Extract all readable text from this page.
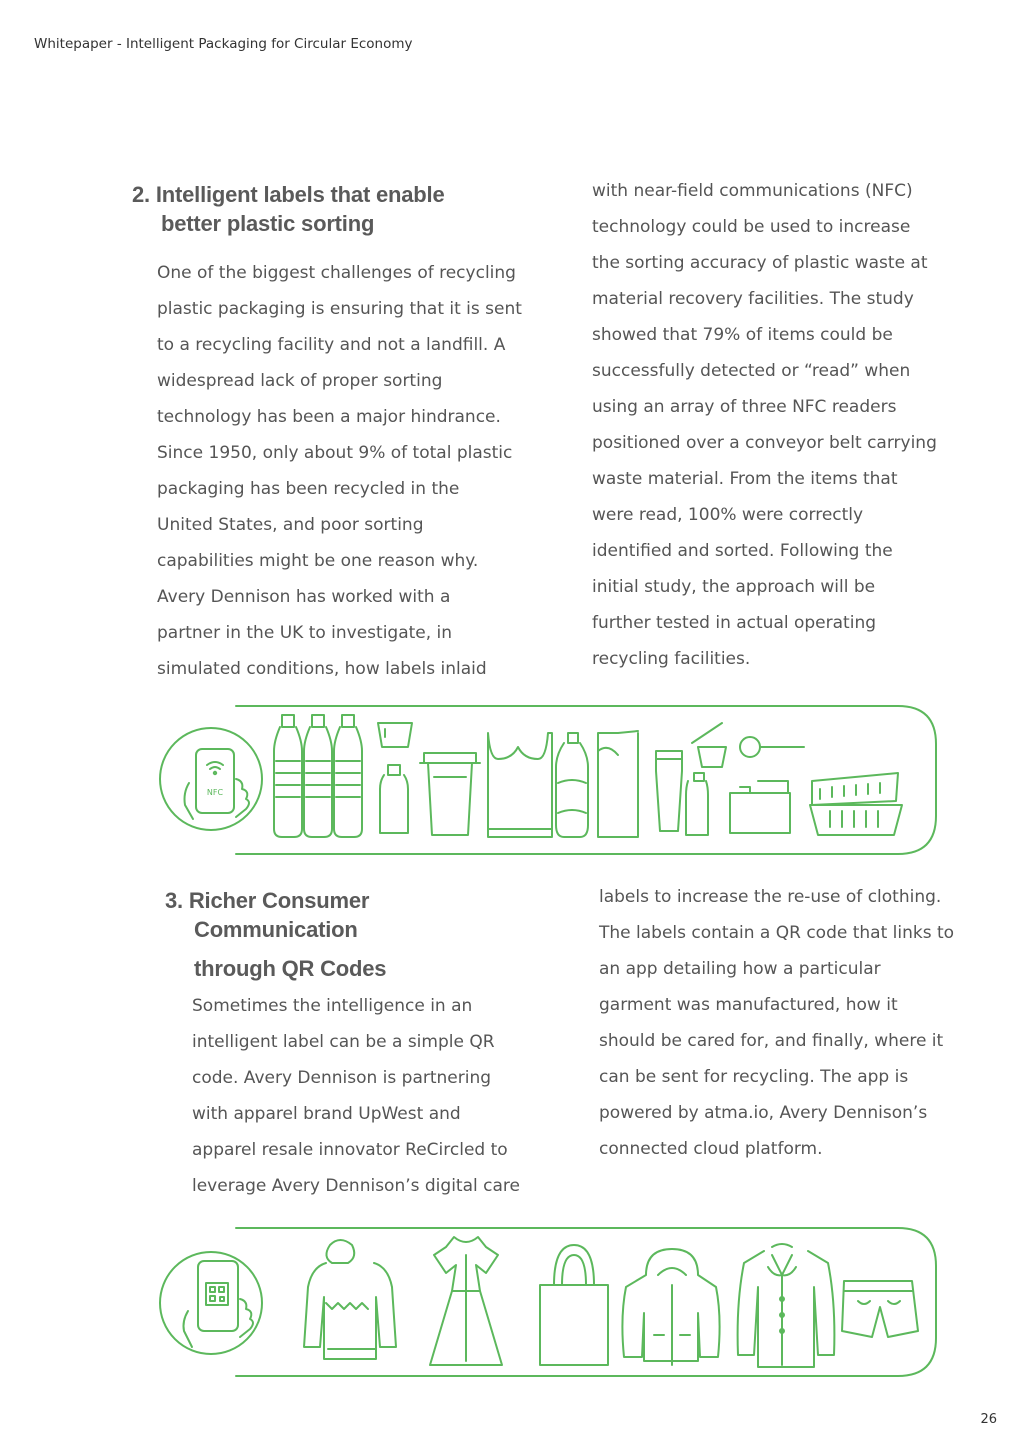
Whitepaper - Intelligent Packaging for Circular Economy
2. Intelligent labels that enable
better plastic sorting
One of the biggest challenges of recycling
plastic packaging is ensuring that it is sent
to a recycling facility and not a landfill. A
widespread lack of proper sorting
technology has been a major hindrance.
Since 1950, only about 9% of total plastic
packaging has been recycled in the
United States, and poor sorting
capabilities might be one reason why.
Avery Dennison has worked with a
partner in the UK to investigate, in
simulated conditions, how labels inlaid
with near-field communications (NFC)
technology could be used to increase
the sorting accuracy of plastic waste at
material recovery facilities. The study
showed that 79% of items could be
successfully detected or “read” when
using an array of three NFC readers
positioned over a conveyor belt carrying
waste material. From the items that
were read, 100% were correctly
identified and sorted. Following the
initial study, the approach will be
further tested in actual operating
recycling facilities.
NFC
3. Richer Consumer
Communication
through QR Codes
Sometimes the intelligence in an
intelligent label can be a simple QR
code. Avery Dennison is partnering
with apparel brand UpWest and
apparel resale innovator ReCircled to
leverage Avery Dennison’s digital care
labels to increase the re-use of clothing.
The labels contain a QR code that links to
an app detailing how a particular
garment was manufactured, how it
should be cared for, and finally, where it
can be sent for recycling. The app is
powered by atma.io, Avery Dennison’s
connected cloud platform.
26
